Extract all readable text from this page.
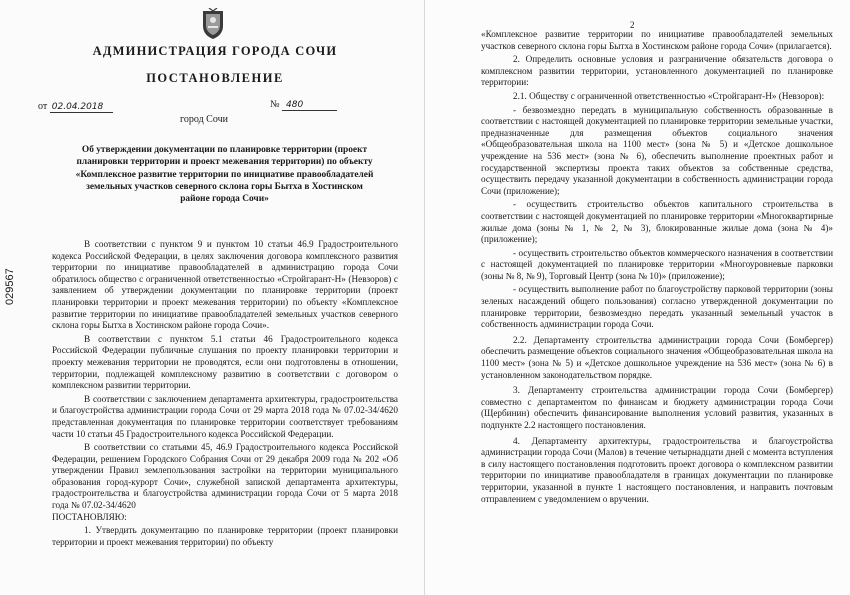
АДМИНИСТРАЦИЯ ГОРОДА СОЧИ
ПОСТАНОВЛЕНИЕ
от 02.04.2018	№ 480
город Сочи
Об утверждении документации по планировке территории (проект планировки территории и проект межевания территории) по объекту «Комплексное развитие территории по инициативе правообладателей земельных участков северного склона горы Бытха в Хостинском районе города Сочи»
029567

В соответствии с пунктом 9 и пунктом 10 статьи 46.9 Градостроительного кодекса Российской Федерации, в целях заключения договора комплексного развития территории по инициативе правообладателей в администрацию города Сочи обратилось общество с ограниченной ответственностью «Стройгарант-Н» (Невзоров) с заявлением об утверждении документации по планировке территории (проект планировки территории и проект межевания территории) по объекту «Комплексное развитие территории по инициативе правообладателей земельных участков северного склона горы Бытха в Хостинском районе города Сочи».

В соответствии с пунктом 5.1 статьи 46 Градостроительного кодекса Российской Федерации публичные слушания по проекту планировки территории и проекту межевания территории не проводятся, если они подготовлены в отношении, территории, подлежащей комплексному развитию в соответствии с договором о комплексном развитии территории.

В соответствии с заключением департамента архитектуры, градостроительства и благоустройства администрации города Сочи от 29 марта 2018 года № 07.02-34/4620 представленная документация по планировке территории соответствует требованиям части 10 статьи 45 Градостроительного кодекса Российской Федерации.

В соответствии со статьями 45, 46.9 Градостроительного кодекса Российской Федерации, решением Городского Собрания Сочи от 29 декабря 2009 года № 202 «Об утверждении Правил землепользования застройки на территории муниципального образования город-курорт Сочи», служебной запиской департамента архитектуры, градостроительства и благоустройства администрации города Сочи от 5 марта 2018 года № 07.02-34/4620

ПОСТАНОВЛЯЮ:

1. Утвердить документацию по планировке территории (проект планировки территории и проект межевания территории) по объекту

2

«Комплексное развитие территории по инициативе правообладателей земельных участков северного склона горы Бытха в Хостинском районе города Сочи» (прилагается).

2. Определить основные условия и разграничение обязательств договора о комплексном развитии территории, установленного документацией по планировке территории:

2.1. Обществу с ограниченной ответственностью «Стройгарант-Н» (Невзоров):

- безвозмездно передать в муниципальную собственность образованные в соответствии с настоящей документацией по планировке территории земельные участки, предназначенные для размещения объектов социального значения «Общеобразовательная школа на 1100 мест» (зона № 5) и «Детское дошкольное учреждение на 536 мест» (зона № 6), обеспечить выполнение проектных работ и государственной экспертизы проекта таких объектов за собственные средства, осуществить передачу указанной документации в собственность администрации города Сочи (приложение);

- осуществить строительство объектов капитального строительства в соответствии с настоящей документацией по планировке территории «Многоквартирные жилые дома (зоны № 1, № 2, № 3), блокированные жилые дома (зона № 4)» (приложение);

- осуществить строительство объектов коммерческого назначения в соответствии с настоящей документацией по планировке территории «Многоуровневые парковки (зоны № 8, № 9), Торговый Центр (зона № 10)» (приложение);

- осуществить выполнение работ по благоустройству парковой территории (зоны зеленых насаждений общего пользования) согласно утвержденной документации по планировке территории, безвозмездно передать указанный земельный участок в собственность администрации города Сочи.

2.2. Департаменту строительства администрации города Сочи (Бомбергер) обеспечить размещение объектов социального значения «Общеобразовательная школа на 1100 мест» (зона № 5) и «Детское дошкольное учреждение на 536 мест» (зона № 6) в установленном законодательством порядке.

3. Департаменту строительства администрации города Сочи (Бомбергер) совместно с департаментом по финансам и бюджету администрации города Сочи (Щербинин) обеспечить финансирование выполнения условий развития, указанных в подпункте 2.2 настоящего постановления.

4. Департаменту архитектуры, градостроительства и благоустройства администрации города Сочи (Малов) в течение четырнадцати дней с момента вступления в силу настоящего постановления подготовить проект договора о комплексном развитии территории по инициативе правообладателя в границах документации по планировке территории, указанной в пункте 1 настоящего постановления, и направить почтовым отправлением с уведомлением о вручении.
